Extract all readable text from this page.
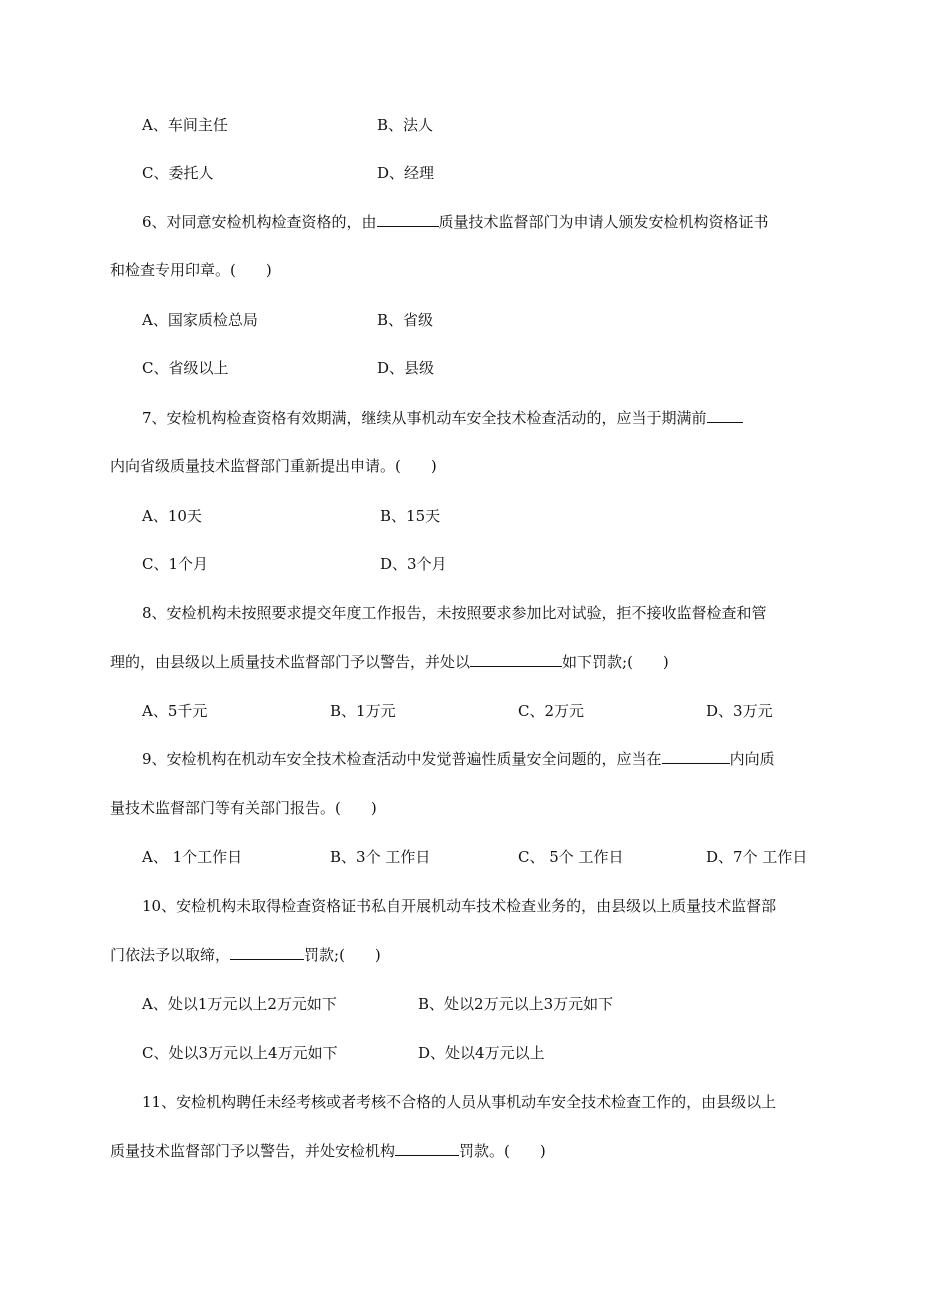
A、车间主任	B、法人
C、委托人	D、经理
6、对同意安检机构检查资格的，由	质量技术监督部门为申请人颁发安检机构资格证书
和检查专用印章。(　　)
A、国家质检总局	B、省级
C、省级以上	D、县级
7、安检机构检查资格有效期满，继续从事机动车安全技术检查活动的，应当于期满前
内向省级质量技术监督部门重新提出申请。(　　)
A、10天	B、15天
C、1个月	D、3个月
8、安检机构未按照要求提交年度工作报告，未按照要求参加比对试验，拒不接收监督检查和管
理的，由县级以上质量技术监督部门予以警告，并处以	如下罚款;(　　)
A、5千元	B、1万元	C、2万元	D、3万元
9、安检机构在机动车安全技术检查活动中发觉普遍性质量安全问题的，应当在	内向质
量技术监督部门等有关部门报告。(　　)
A、 1个工作日	B、3个 工作日	C、 5个 工作日	D、7个 工作日
10、安检机构未取得检查资格证书私自开展机动车技术检查业务的，由县级以上质量技术监督部
门依法予以取缔，	罚款;(　　)
A、处以1万元以上2万元如下	B、处以2万元以上3万元如下
C、处以3万元以上4万元如下	D、处以4万元以上
11、安检机构聘任未经考核或者考核不合格的人员从事机动车安全技术检查工作的，由县级以上
质量技术监督部门予以警告，并处安检机构	罚款。(　　)
